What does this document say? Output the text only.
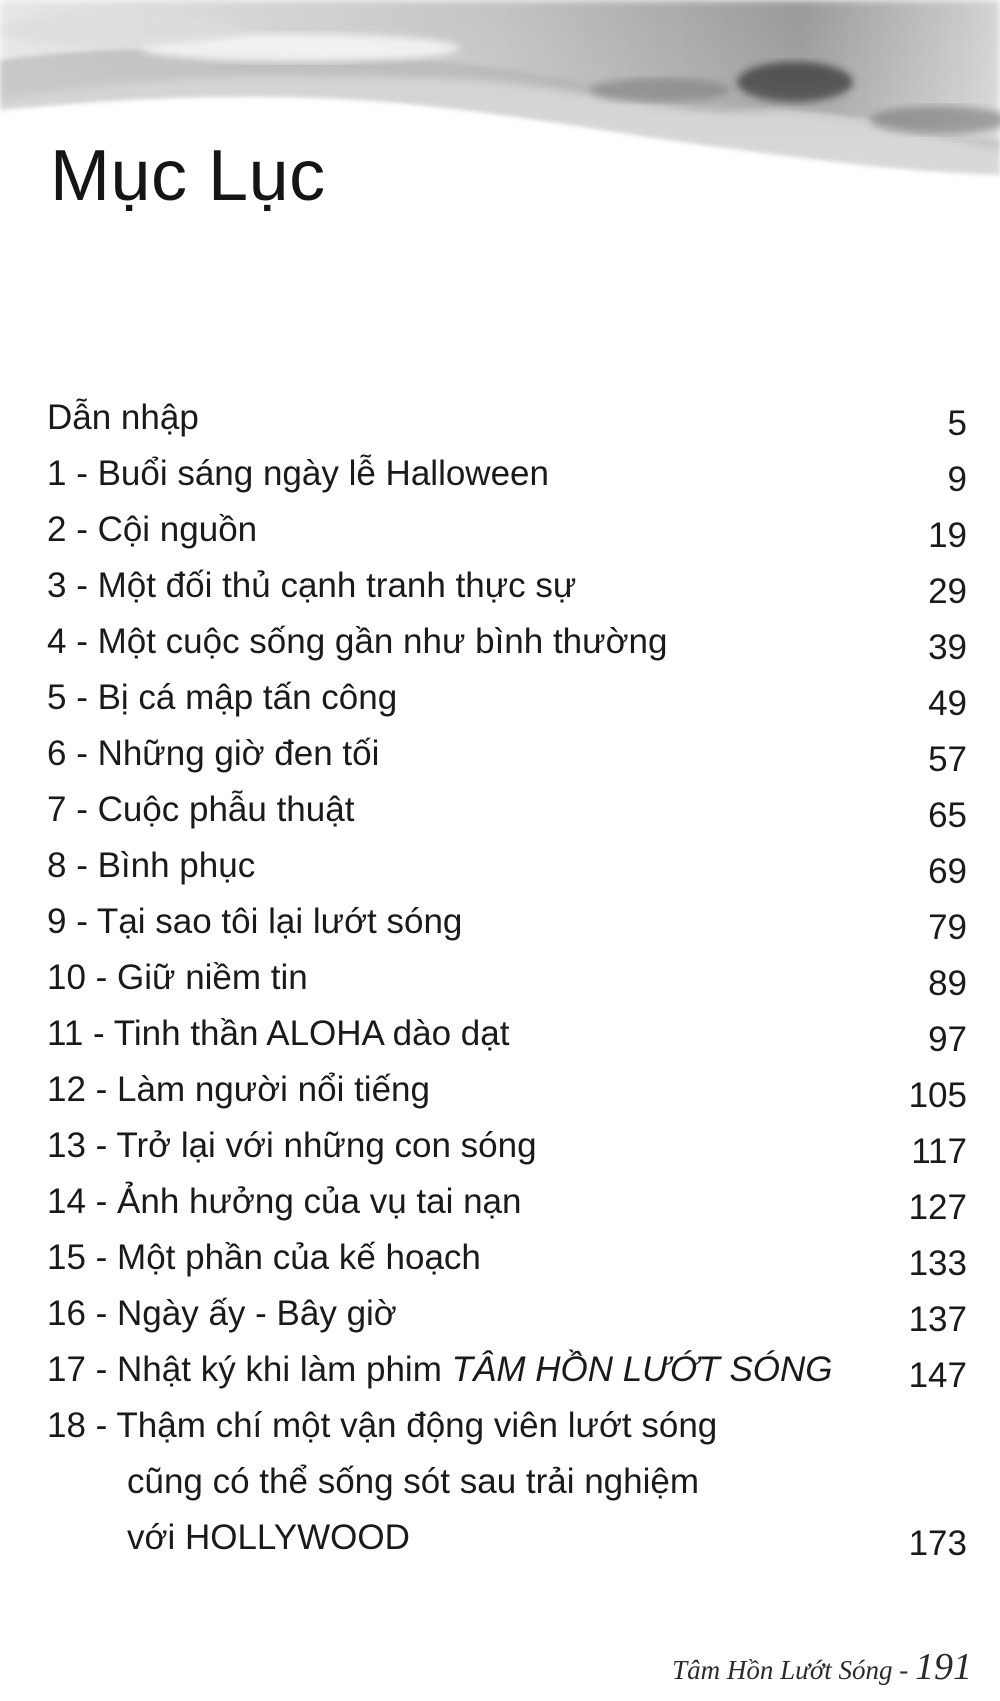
Mục Lục
Dẫn nhập	5
1 - Buổi sáng ngày lễ Halloween	9
2 - Cội nguồn	19
3 - Một đối thủ cạnh tranh thực sự	29
4 - Một cuộc sống gần như bình thường	39
5 - Bị cá mập tấn công	49
6 - Những giờ đen tối	57
7 - Cuộc phẫu thuật	65
8 - Bình phục	69
9 - Tại sao tôi lại lướt sóng	79
10 - Giữ niềm tin	89
11 - Tinh thần ALOHA dào dạt	97
12 - Làm người nổi tiếng	105
13 - Trở lại với những con sóng	117
14 - Ảnh hưởng của vụ tai nạn	127
15 - Một phần của kế hoạch	133
16 - Ngày ấy - Bây giờ	137
17 - Nhật ký khi làm phim TÂM HỒN LƯỚT SÓNG 147
18 - Thậm chí một vận động viên lướt sóng
cũng có thể sống sót sau trải nghiệm
với HOLLYWOOD	173
Tâm Hồn Lướt Sóng - 191
